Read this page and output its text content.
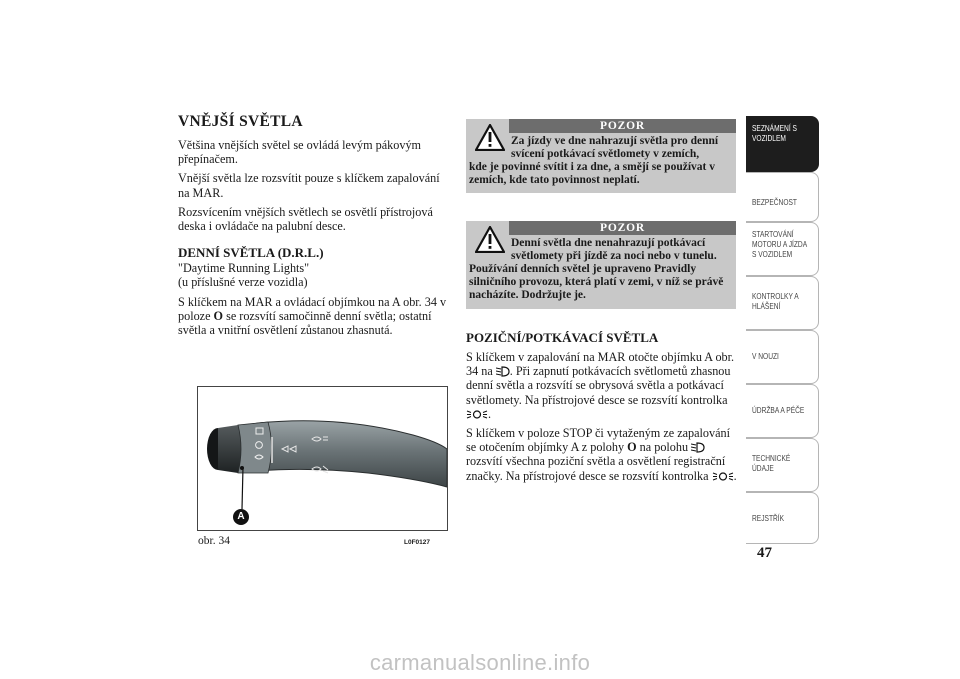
VNĚJŠÍ SVĚTLA

Většina vnějších světel se ovládá levým pákovým přepínačem.

Vnější světla lze rozsvítit pouze s klíčkem zapalování na MAR.

Rozsvícením vnějších světlech se osvětlí přístrojová deska i ovládače na palubní desce.

DENNÍ SVĚTLA (D.R.L.)

"Daytime Running Lights"

(u příslušné verze vozidla)

S klíčkem na MAR a ovládací objímkou na A obr. 34 v poloze O se rozsvítí samočinně denní světla; ostatní světla a vnitřní osvětlení zůstanou zhasnutá.

A
obr. 34	L0F0127
POZOR
Za jízdy ve dne nahrazují světla pro denní svícení potkávací světlomety v zemích,
kde je povinné svítit i za dne, a smějí se používat v zemích, kde tato povinnost neplatí.
POZOR
Denní světla dne nenahrazují potkávací světlomety při jízdě za noci nebo v tunelu.
Používání denních světel je upraveno Pravidly silničního provozu, která platí v zemi, v níž se právě nacházíte. Dodržujte je.
POZIČNÍ/POTKÁVACÍ SVĚTLA

S klíčkem v zapalování na MAR otočte objímku A obr. 34 na . Při zapnutí potkávacích světlometů zhasnou denní světla a rozsvítí se obrysová světla a potkávací světlomety. Na přístrojové desce se rozsvítí kontrolka .

S klíčkem v poloze STOP či vytaženým ze zapalování se otočením objímky A z polohy O na polohu  rozsvítí všechna poziční světla a osvětlení registrační značky. Na přístrojové desce se rozsvítí kontrolka .

SEZNÁMENÍ S
VOZIDLEM
BEZPEČNOST
STARTOVÁNÍ
MOTORU A JÍZDA
S VOZIDLEM
KONTROLKY A
HLÁŠENÍ
V NOUZI
ÚDRŽBA A PÉČE
TECHNICKÉ
ÚDAJE
REJSTŘÍK
47
carmanualsonline.info
